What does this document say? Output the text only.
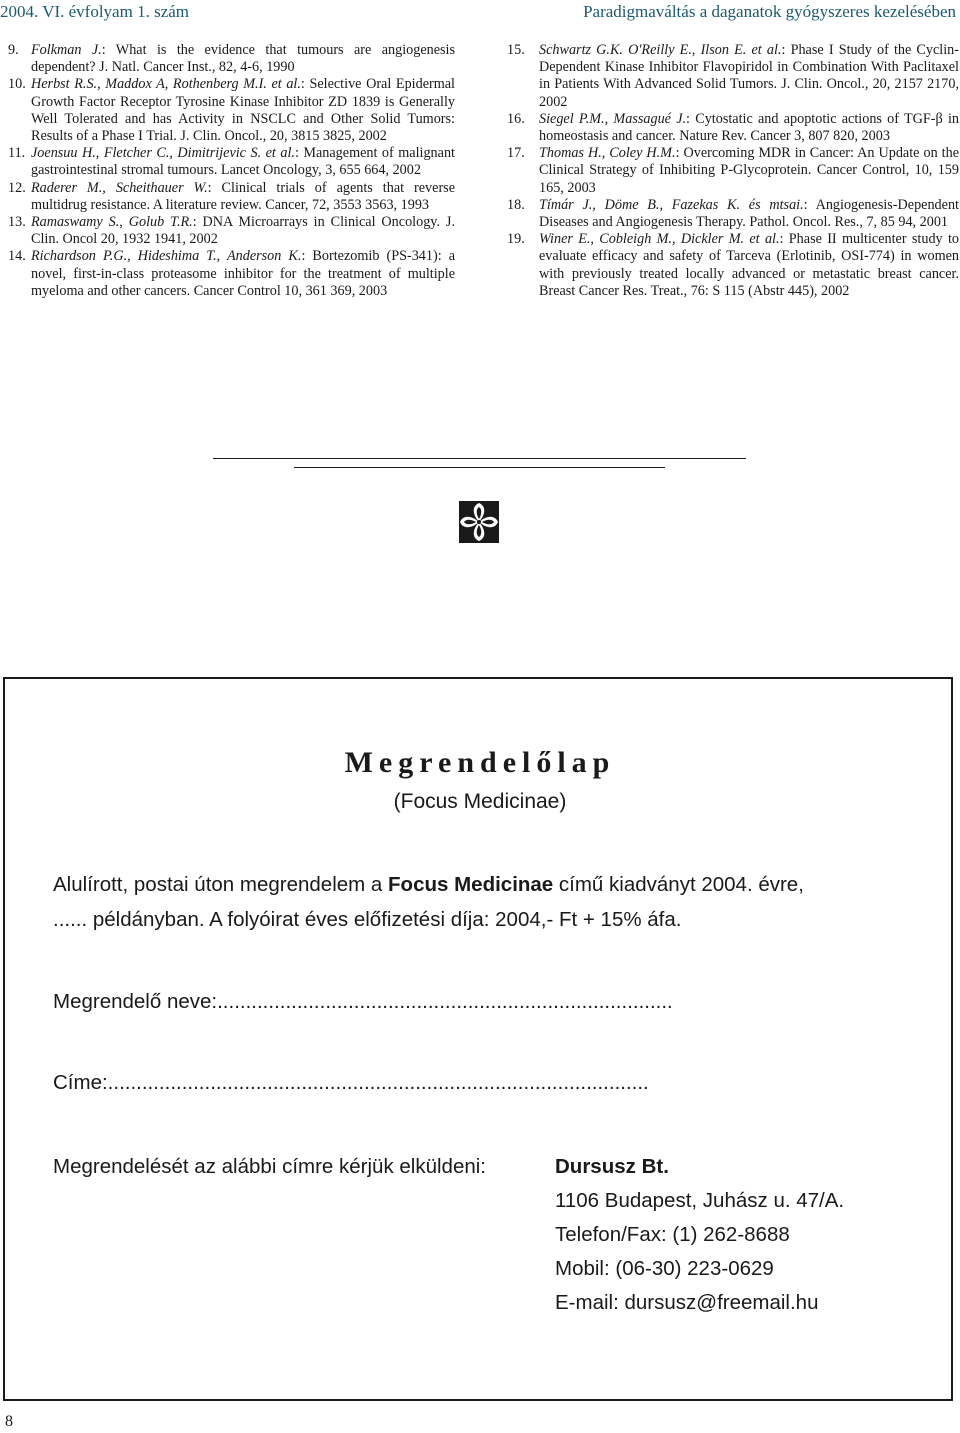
2004. VI. évfolyam 1. szám	Paradigmaváltás a daganatok gyógyszeres kezelésében

9. Folkman J.: What is the evidence that tumours are angiogenesis dependent? J. Natl. Cancer Inst., 82, 4-6, 1990

10. Herbst R.S., Maddox A, Rothenberg M.I. et al.: Selective Oral Epidermal Growth Factor Receptor Tyrosine Kinase Inhibitor ZD 1839 is Generally Well Tolerated and has Activity in NSCLC and Other Solid Tumors: Results of a Phase I Trial. J. Clin. Oncol., 20, 3815 3825, 2002

11. Joensuu H., Fletcher C., Dimitrijevic S. et al.: Management of malignant gastrointestinal stromal tumours. Lancet Oncology, 3, 655 664, 2002

12. Raderer M., Scheithauer W.: Clinical trials of agents that reverse multidrug resistance. A literature review. Cancer, 72, 3553 3563, 1993

13. Ramaswamy S., Golub T.R.: DNA Microarrays in Clinical Oncology. J. Clin. Oncol 20, 1932 1941, 2002

14. Richardson P.G., Hideshima T., Anderson K.: Bortezomib (PS-341): a novel, first-in-class proteasome inhibitor for the treatment of multiple myeloma and other cancers. Cancer Control 10, 361 369, 2003

15.	Schwartz G.K. O'Reilly E., Ilson E. et al.: Phase I Study of the Cyclin-Dependent Kinase Inhibitor Flavopiridol in Combination With Paclitaxel in Patients With Advanced Solid Tumors. J. Clin. Oncol., 20, 2157 2170, 2002

16.	Siegel P.M., Massagué J.: Cytostatic and apoptotic actions of TGF-β in homeostasis and cancer. Nature Rev. Cancer 3, 807 820, 2003

17.	Thomas H., Coley H.M.: Overcoming MDR in Cancer: An Update on the Clinical Strategy of Inhibiting P-Glycoprotein. Cancer Control, 10, 159 165, 2003

18.	Tímár J., Döme B., Fazekas K. és mtsai.: Angiogenesis-Dependent Diseases and Angiogenesis Therapy. Pathol. Oncol. Res., 7, 85 94, 2001

19.	Winer E., Cobleigh M., Dickler M. et al.: Phase II multicenter study to evaluate efficacy and safety of Tarceva (Erlotinib, OSI-774) in women with previously treated locally advanced or metastatic breast cancer. Breast Cancer Res. Treat., 76: S 115 (Abstr 445), 2002

Megrendelőlap
(Focus Medicinae)
Alulírott, postai úton megrendelem a Focus Medicinae című kiadványt 2004. évre,
...... példányban. A folyóirat éves előfizetési díja: 2004,- Ft + 15% áfa.
Megrendelő neve:................................................................................
Címe:...............................................................................................
Megrendelését az alábbi címre kérjük elküldeni:	Dursusz Bt.
1106 Budapest, Juhász u. 47/A.
Telefon/Fax: (1) 262-8688
Mobil: (06-30) 223-0629
E-mail: dursusz@freemail.hu
8
